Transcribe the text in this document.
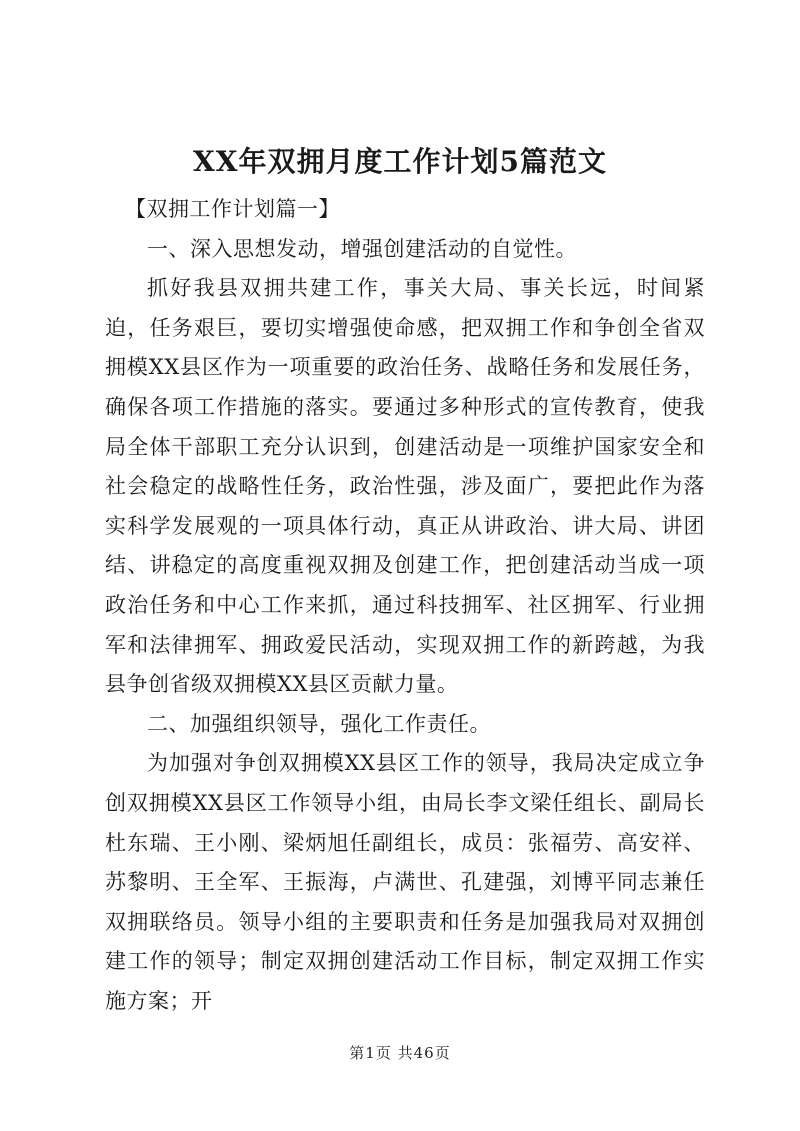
XX年双拥月度工作计划5篇范文

【双拥工作计划篇一】

一、深入思想发动，增强创建活动的自觉性。

抓好我县双拥共建工作，事关大局、事关长远，时间紧迫，任务艰巨，要切实增强使命感，把双拥工作和争创全省双拥模XX县区作为一项重要的政治任务、战略任务和发展任务，确保各项工作措施的落实。要通过多种形式的宣传教育，使我局全体干部职工充分认识到，创建活动是一项维护国家安全和社会稳定的战略性任务，政治性强，涉及面广，要把此作为落实科学发展观的一项具体行动，真正从讲政治、讲大局、讲团结、讲稳定的高度重视双拥及创建工作，把创建活动当成一项政治任务和中心工作来抓，通过科技拥军、社区拥军、行业拥军和法律拥军、拥政爱民活动，实现双拥工作的新跨越，为我县争创省级双拥模XX县区贡献力量。

二、加强组织领导，强化工作责任。

为加强对争创双拥模XX县区工作的领导，我局决定成立争创双拥模XX县区工作领导小组，由局长李文梁任组长、副局长杜东瑞、王小刚、梁炳旭任副组长，成员：张福劳、高安祥、苏黎明、王全军、王振海，卢满世、孔建强，刘博平同志兼任双拥联络员。领导小组的主要职责和任务是加强我局对双拥创建工作的领导；制定双拥创建活动工作目标，制定双拥工作实施方案；开

第1页 共46页
